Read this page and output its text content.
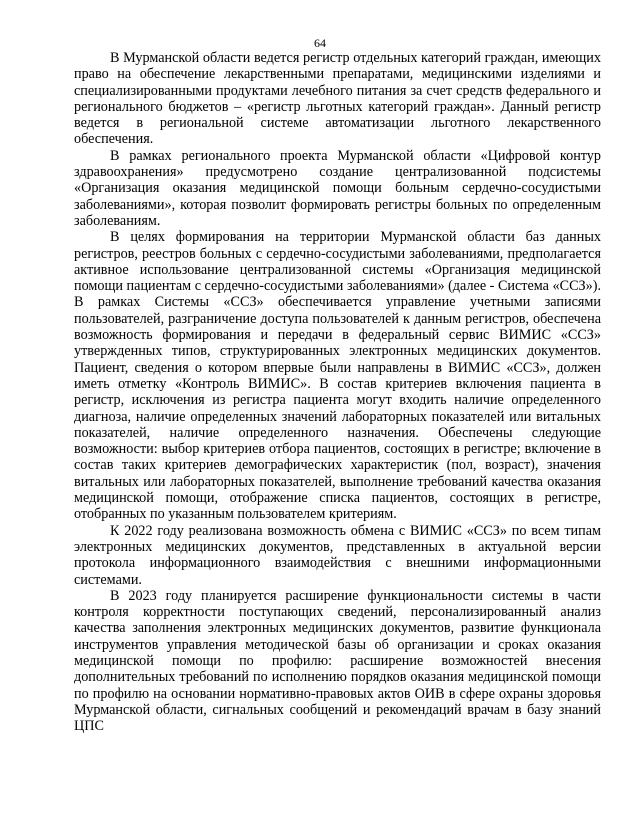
64

В Мурманской области ведется регистр отдельных категорий граждан, имеющих право на обеспечение лекарственными препаратами, медицинскими изделиями и специализированными продуктами лечебного питания за счет средств федерального и регионального бюджетов – «регистр льготных категорий граждан». Данный регистр ведется в региональной системе автоматизации льготного лекарственного обеспечения.

В рамках регионального проекта Мурманской области «Цифровой контур здравоохранения» предусмотрено создание централизованной подсистемы «Организация оказания медицинской помощи больным сердечно-сосудистыми заболеваниями», которая позволит формировать регистры больных по определенным заболеваниям.

В целях формирования на территории Мурманской области баз данных регистров, реестров больных с сердечно-сосудистыми заболеваниями, предполагается активное использование централизованной системы «Организация медицинской помощи пациентам с сердечно-сосудистыми заболеваниями» (далее - Система «ССЗ»). В рамках Системы «ССЗ» обеспечивается управление учетными записями пользователей, разграничение доступа пользователей к данным регистров, обеспечена возможность формирования и передачи в федеральный сервис ВИМИС «ССЗ» утвержденных типов, структурированных электронных медицинских документов. Пациент, сведения о котором впервые были направлены в ВИМИС «ССЗ», должен иметь отметку «Контроль ВИМИС». В состав критериев включения пациента в регистр, исключения из регистра пациента могут входить наличие определенного диагноза, наличие определенных значений лабораторных показателей или витальных показателей, наличие определенного назначения. Обеспечены следующие возможности: выбор критериев отбора пациентов, состоящих в регистре; включение в состав таких критериев демографических характеристик (пол, возраст), значения витальных или лабораторных показателей, выполнение требований качества оказания медицинской помощи, отображение списка пациентов, состоящих в регистре, отобранных по указанным пользователем критериям.

К 2022 году реализована возможность обмена с ВИМИС «ССЗ» по всем типам электронных медицинских документов, представленных в актуальной версии протокола информационного взаимодействия с внешними информационными системами.

В 2023 году планируется расширение функциональности системы в части контроля корректности поступающих сведений, персонализированный анализ качества заполнения электронных медицинских документов, развитие функционала инструментов управления методической базы об организации и сроках оказания медицинской помощи по профилю: расширение возможностей внесения дополнительных требований по исполнению порядков оказания медицинской помощи по профилю на основании нормативно-правовых актов ОИВ в сфере охраны здоровья Мурманской области, сигнальных сообщений и рекомендаций врачам в базу знаний ЦПС
